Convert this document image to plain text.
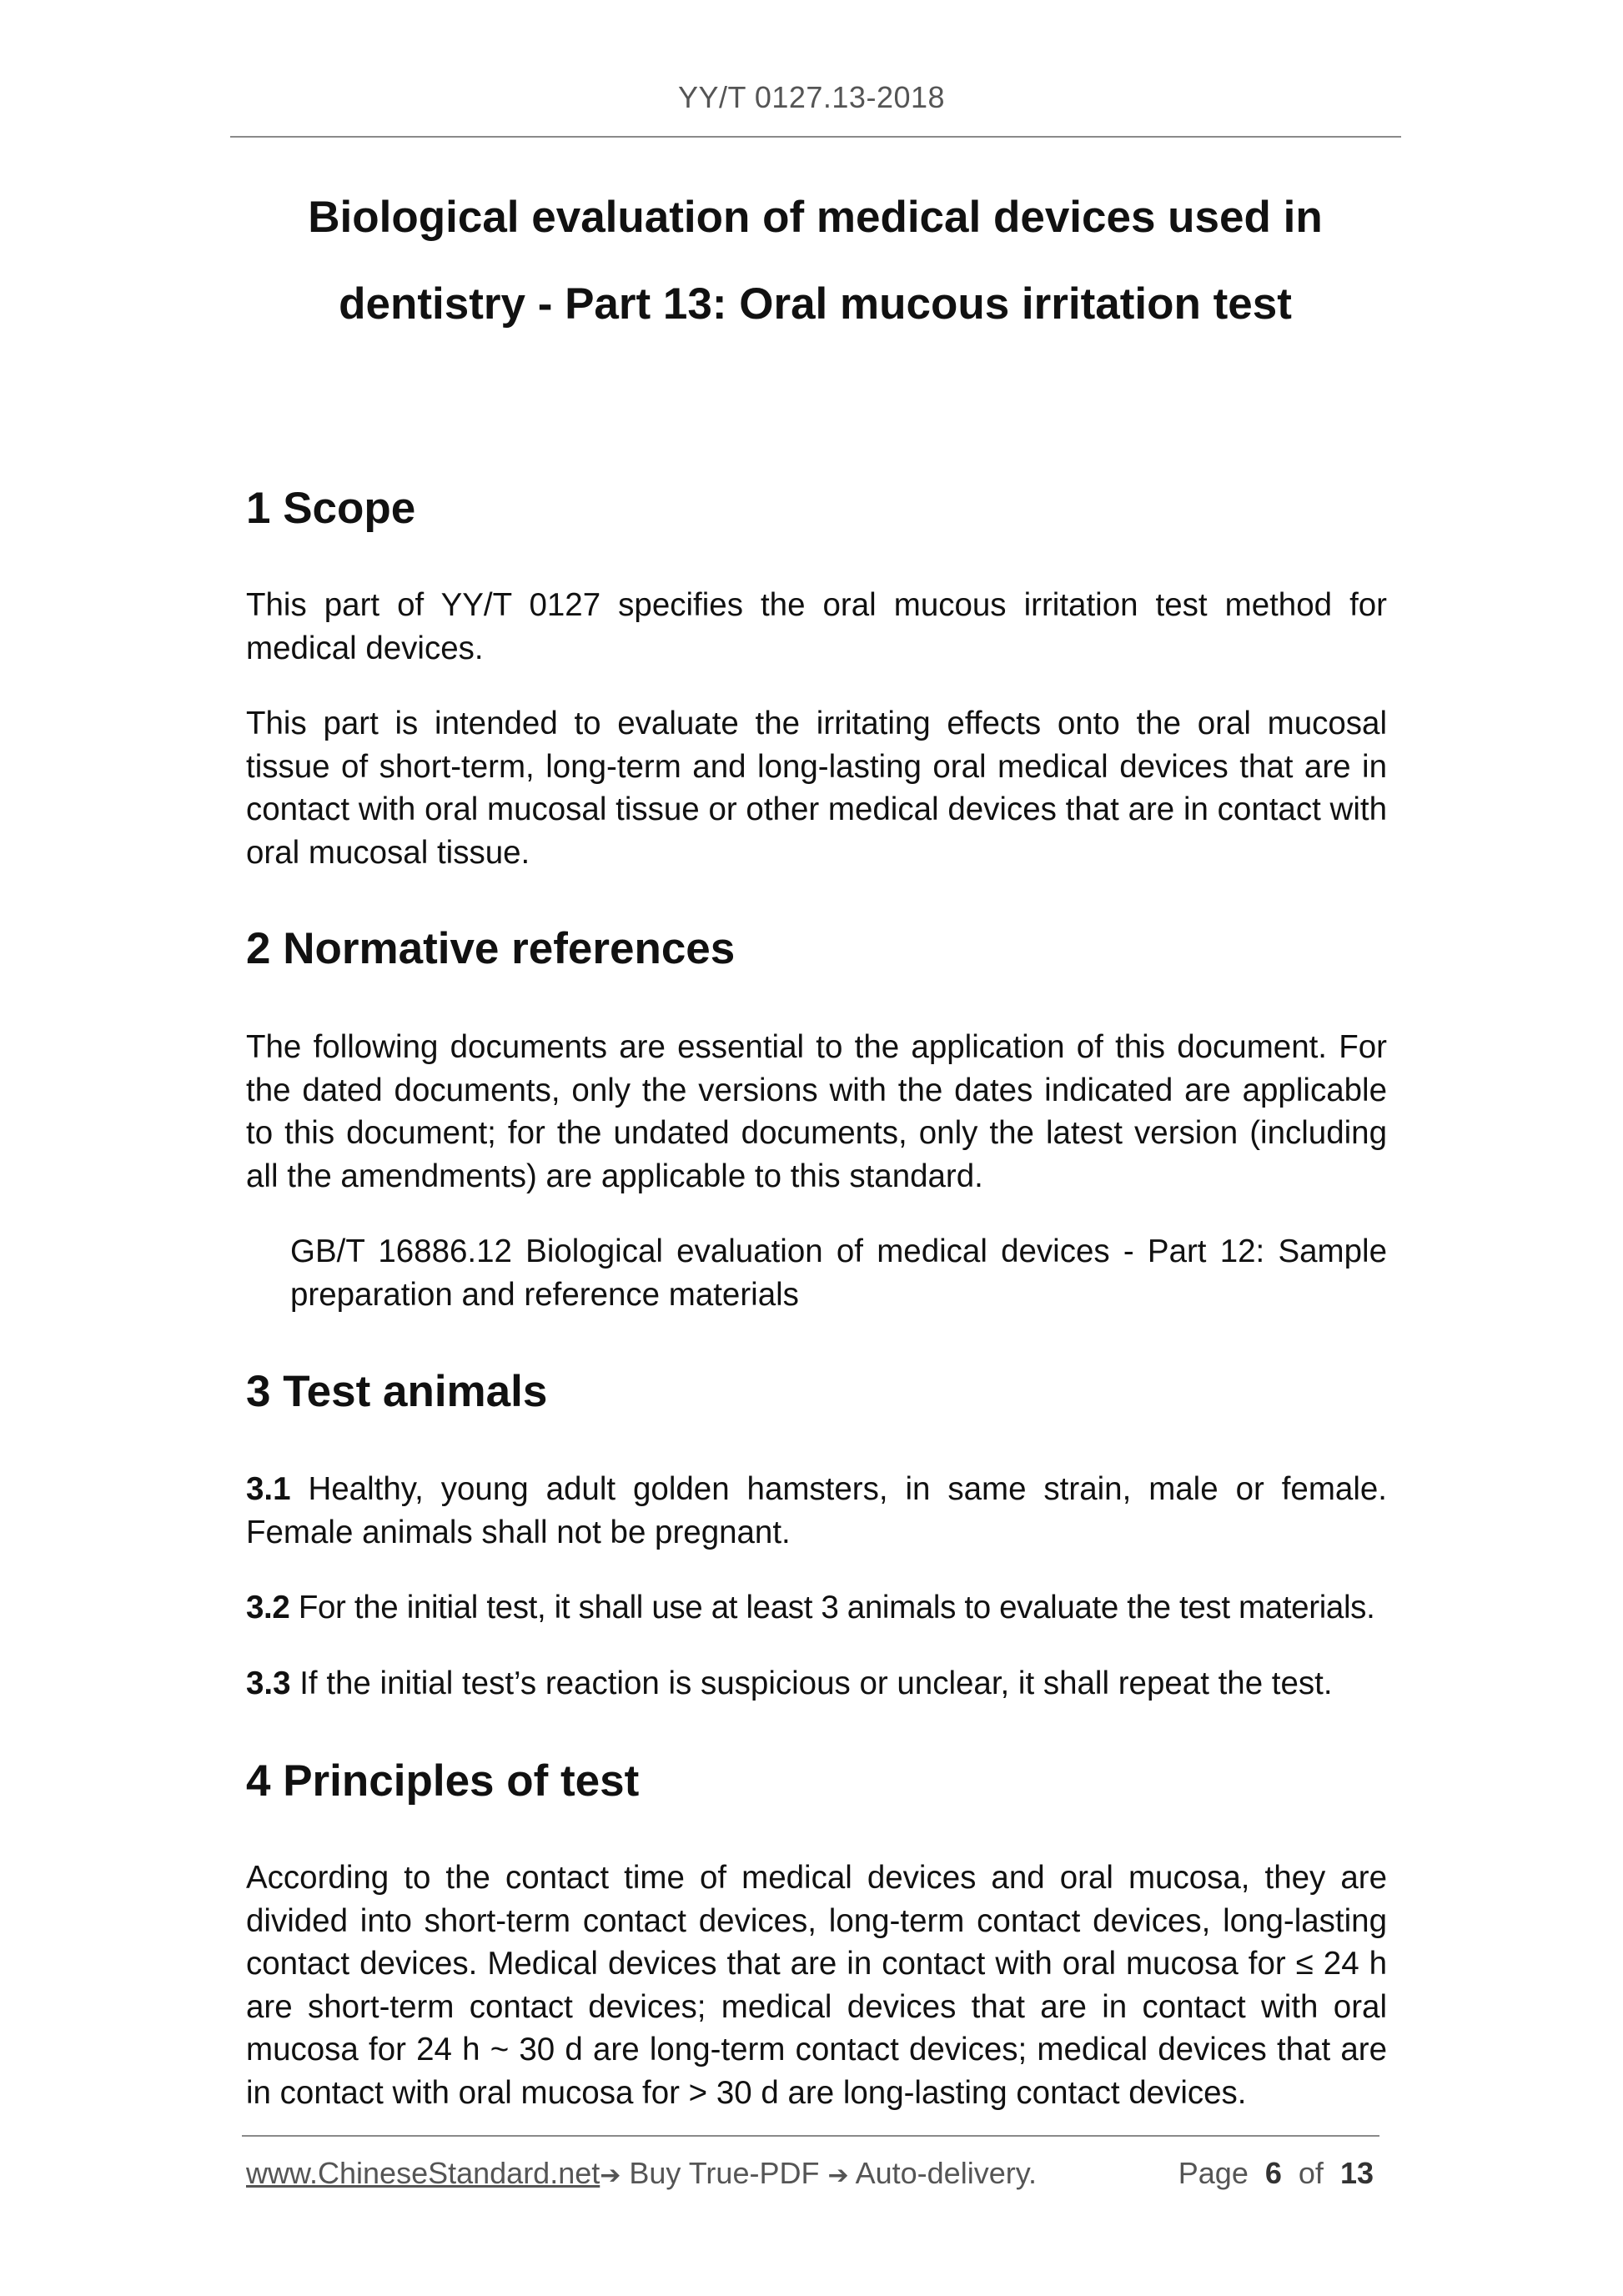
YY/T 0127.13-2018
Biological evaluation of medical devices used in
dentistry - Part 13: Oral mucous irritation test
1 Scope

This part of YY/T 0127 specifies the oral mucous irritation test method for medical devices.

This part is intended to evaluate the irritating effects onto the oral mucosal tissue of short-term, long-term and long-lasting oral medical devices that are in contact with oral mucosal tissue or other medical devices that are in contact with oral mucosal tissue.

2 Normative references

The following documents are essential to the application of this document. For the dated documents, only the versions with the dates indicated are applicable to this document; for the undated documents, only the latest version (including all the amendments) are applicable to this standard.

GB/T 16886.12 Biological evaluation of medical devices - Part 12: Sample preparation and reference materials

3 Test animals

3.1 Healthy, young adult golden hamsters, in same strain, male or female. Female animals shall not be pregnant.

3.2 For the initial test, it shall use at least 3 animals to evaluate the test materials.

3.3 If the initial test’s reaction is suspicious or unclear, it shall repeat the test.

4 Principles of test

According to the contact time of medical devices and oral mucosa, they are divided into short-term contact devices, long-term contact devices, long-lasting contact devices. Medical devices that are in contact with oral mucosa for ≤ 24 h are short-term contact devices; medical devices that are in contact with oral mucosa for 24 h ~ 30 d are long-term contact devices; medical devices that are in contact with oral mucosa for > 30 d are long-lasting contact devices.

www.ChineseStandard.net➔ Buy True-PDF ➔ Auto-delivery.	Page 6 of 13
